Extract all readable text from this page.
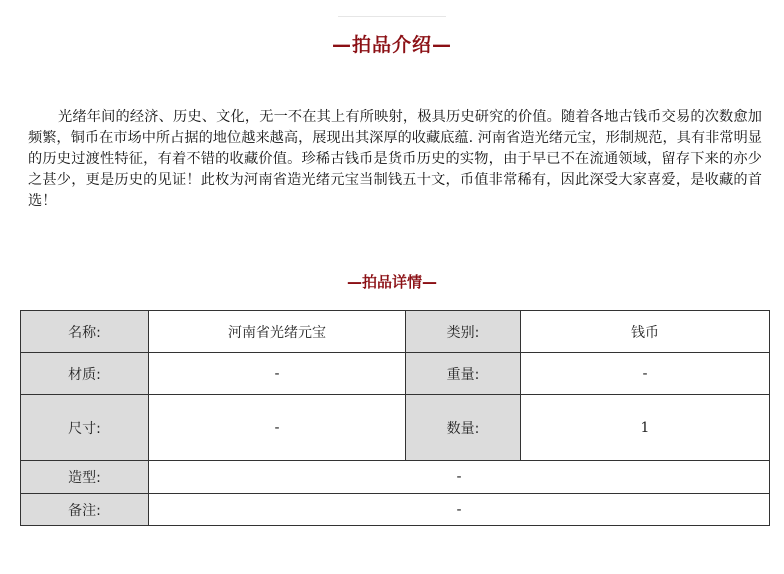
—拍品介绍—
光绪年间的经济、历史、文化，无一不在其上有所映射，极具历史研究的价值。随着各地古钱币交易的次数愈加频繁，铜币在市场中所占据的地位越来越高，展现出其深厚的收藏底蕴. 河南省造光绪元宝，形制规范，具有非常明显的历史过渡性特征，有着不错的收藏价值。珍稀古钱币是货币历史的实物，由于早已不在流通领域，留存下来的亦少之甚少，更是历史的见证！此枚为河南省造光绪元宝当制钱五十文，币值非常稀有，因此深受大家喜爱，是收藏的首选！
—拍品详情—
名称:	河南省光绪元宝	类别:	钱币
材质:	-	重量:	-
尺寸:	-	数量:	1
造型:	-		
备注:	-		
